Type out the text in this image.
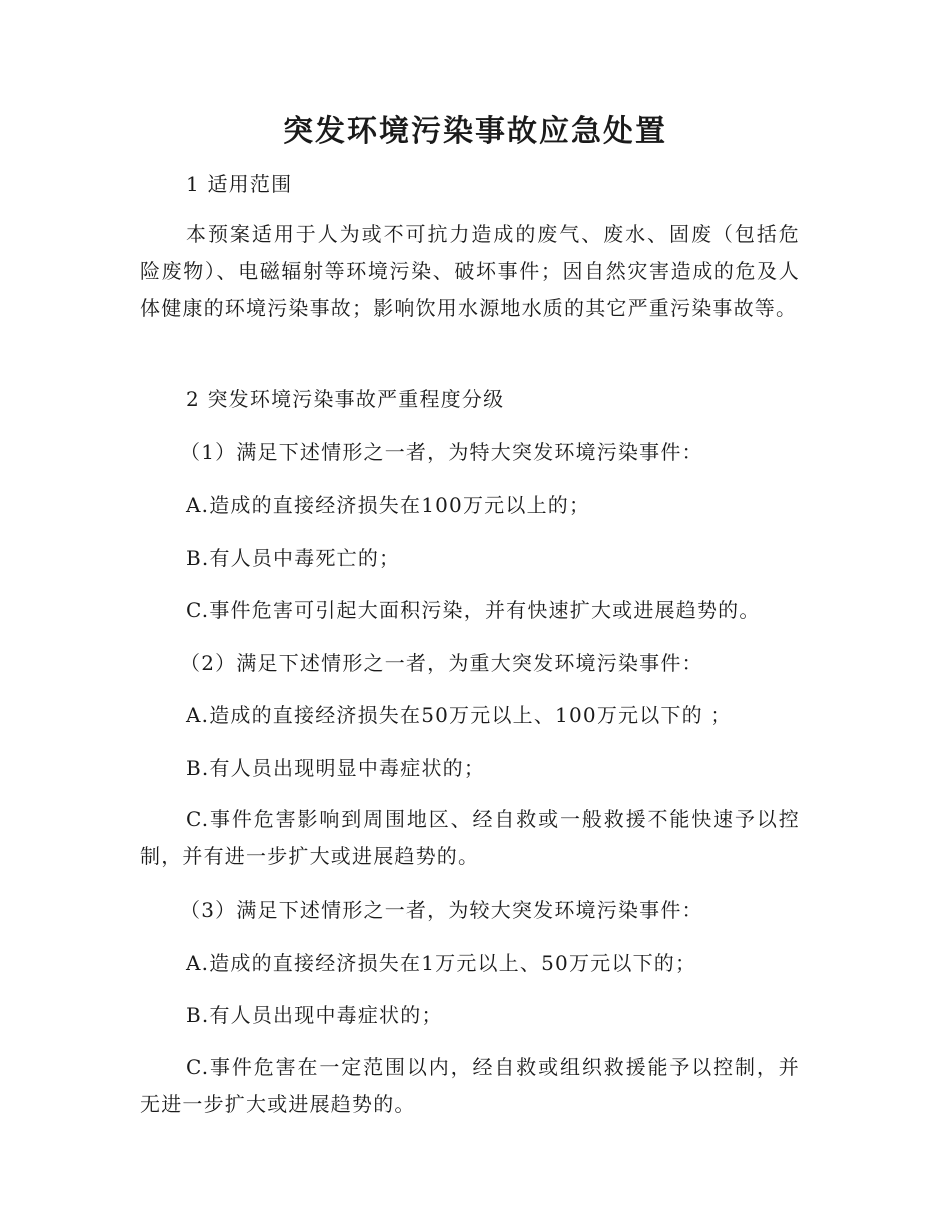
突发环境污染事故应急处置
1 适用范围
本预案适用于人为或不可抗力造成的废气、废水、固废（包括危险废物）、电磁辐射等环境污染、破坏事件；因自然灾害造成的危及人体健康的环境污染事故；影响饮用水源地水质的其它严重污染事故等。
2 突发环境污染事故严重程度分级
（1）满足下述情形之一者，为特大突发环境污染事件：
A.造成的直接经济损失在100万元以上的；
B.有人员中毒死亡的；
C.事件危害可引起大面积污染，并有快速扩大或进展趋势的。
（2）满足下述情形之一者，为重大突发环境污染事件：
A.造成的直接经济损失在50万元以上、100万元以下的 ；
B.有人员出现明显中毒症状的；
C.事件危害影响到周围地区、经自救或一般救援不能快速予以控制，并有进一步扩大或进展趋势的。
（3）满足下述情形之一者，为较大突发环境污染事件：
A.造成的直接经济损失在1万元以上、50万元以下的；
B.有人员出现中毒症状的；
C.事件危害在一定范围以内，经自救或组织救援能予以控制，并无进一步扩大或进展趋势的。
